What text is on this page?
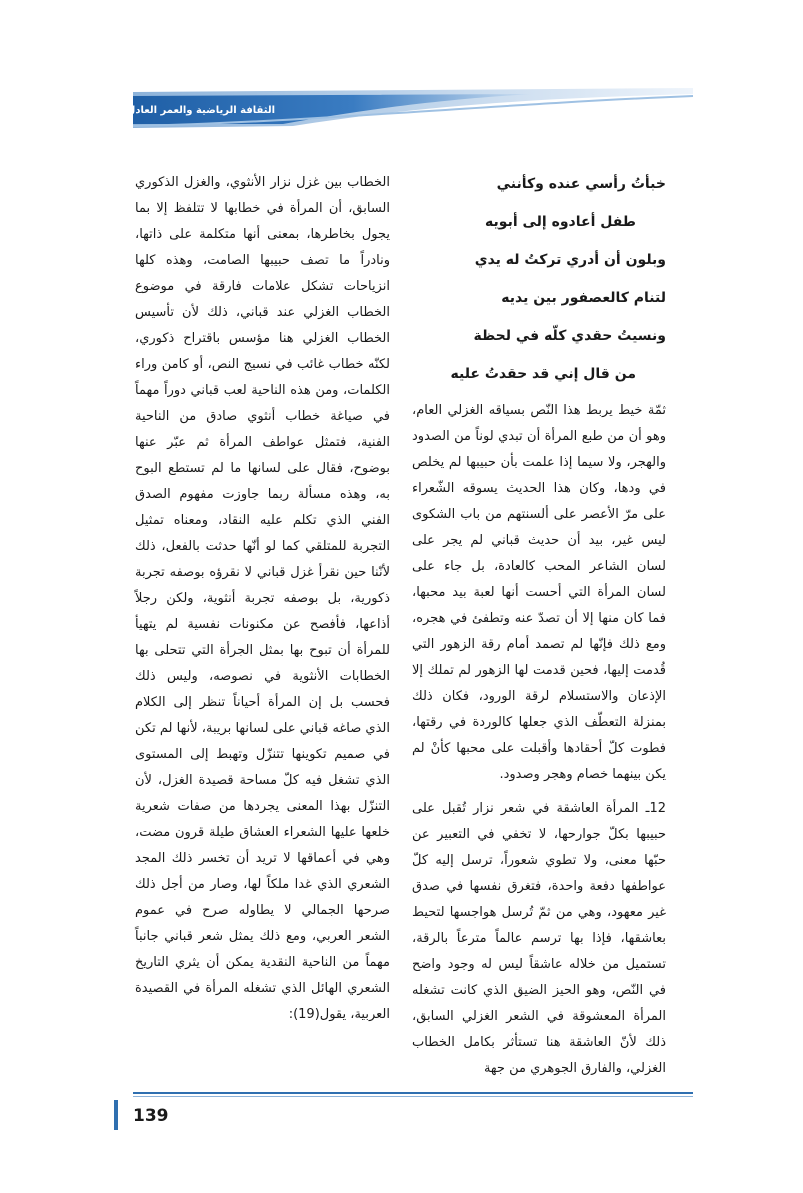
الثقافة الرياضية والعمر العادل
خبأتُ رأسي عنده وكأنني
طفل أعادوه إلى أبويه
وبلون أن أدري تركتُ له يدي
لتنام كالعصفور بين يديه
ونسيتُ حقدي كلّه في لحظة
من قال إني قد حقدتُ عليه

ثمّة خيط يربط هذا النّص بسياقه الغزلي العام، وهو أن من طبع المرأة أن تبدي لوناً من الصدود والهجر، ولا سيما إذا علمت بأن حبيبها لم يخلص في ودها، وكان هذا الحديث يسوقه الشّعراء على مرّ الأعصر على ألسنتهم من باب الشكوى ليس غير، بيد أن حديث قباني لم يجر على لسان الشاعر المحب كالعادة، بل جاء على لسان المرأة التي أحست أنها لعبة بيد محبها، فما كان منها إلا أن تصدّ عنه وتطفئ في هجره، ومع ذلك فإنّها لم تصمد أمام رقة الزهور التي قُدمت إليها، فحين قدمت لها الزهور لم تملك إلا الإذعان والاستسلام لرقة الورود، فكان ذلك بمنزلة التعطّف الذي جعلها كالوردة في رقتها، فطوت كلّ أحقادها وأقبلت على محبها كأنْ لم يكن بينهما خصام وهجر وصدود.

12ـ المرأة العاشقة في شعر نزار تُقبل على حبيبها بكلّ جوارحها، لا تخفي في التعبير عن حبّها معنى، ولا تطوي شعوراً، ترسل إليه كلّ عواطفها دفعة واحدة، فتغرق نفسها في صدق غير معهود، وهي من ثمّ تُرسل هواجسها لتحيط بعاشقها، فإذا بها ترسم عالماً مترعاً بالرقة، تستميل من خلاله عاشقاً ليس له وجود واضح في النّص، وهو الحيز الضيق الذي كانت تشغله المرأة المعشوقة في الشعر الغزلي السابق، ذلك لأنّ العاشقة هنا تستأثر بكامل الخطاب الغزلي، والفارق الجوهري من جهة

الخطاب بين غزل نزار الأنثوي، والغزل الذكوري السابق، أن المرأة في خطابها لا تتلفظ إلا بما يجول بخاطرها، بمعنى أنها متكلمة على ذاتها، ونادراً ما تصف حبيبها الصامت، وهذه كلها انزياحات تشكل علامات فارقة في موضوع الخطاب الغزلي عند قباني، ذلك لأن تأسيس الخطاب الغزلي هنا مؤسس باقتراح ذكوري، لكنّه خطاب غائب في نسيج النص، أو كامن وراء الكلمات، ومن هذه الناحية لعب قباني دوراً مهماً في صياغة خطاب أنثوي صادق من الناحية الفنية، فتمثل عواطف المرأة ثم عبّر عنها بوضوح، فقال على لسانها ما لم تستطع البوح به، وهذه مسألة ربما جاوزت مفهوم الصدق الفني الذي تكلم عليه النقاد، ومعناه تمثيل التجربة للمتلقي كما لو أنّها حدثت بالفعل، ذلك لأنّنا حين نقرأ غزل قباني لا نقرؤه بوصفه تجربة ذكورية، بل بوصفه تجربة أنثوية، ولكن رجلاً أذاعها، فأفصح عن مكنونات نفسية لم يتهيأ للمرأة أن تبوح بها بمثل الجرأة التي تتحلى بها الخطابات الأنثوية في نصوصه، وليس ذلك فحسب بل إن المرأة أحياناً تنظر إلى الكلام الذي صاغه قباني على لسانها بريبة، لأنها لم تكن في صميم تكوينها تتنزّل وتهبط إلى المستوى الذي تشغل فيه كلّ مساحة قصيدة الغزل، لأن التنزّل بهذا المعنى يجردها من صفات شعرية خلعها عليها الشعراء العشاق طيلة قرون مضت، وهي في أعماقها لا تريد أن تخسر ذلك المجد الشعري الذي غدا ملكاً لها، وصار من أجل ذلك صرحها الجمالي لا يطاوله صرح في عموم الشعر العربي، ومع ذلك يمثل شعر قباني جانباً مهماً من الناحية النقدية يمكن أن يثري التاريخ الشعري الهائل الذي تشغله المرأة في القصيدة العربية، يقول(19):

139
